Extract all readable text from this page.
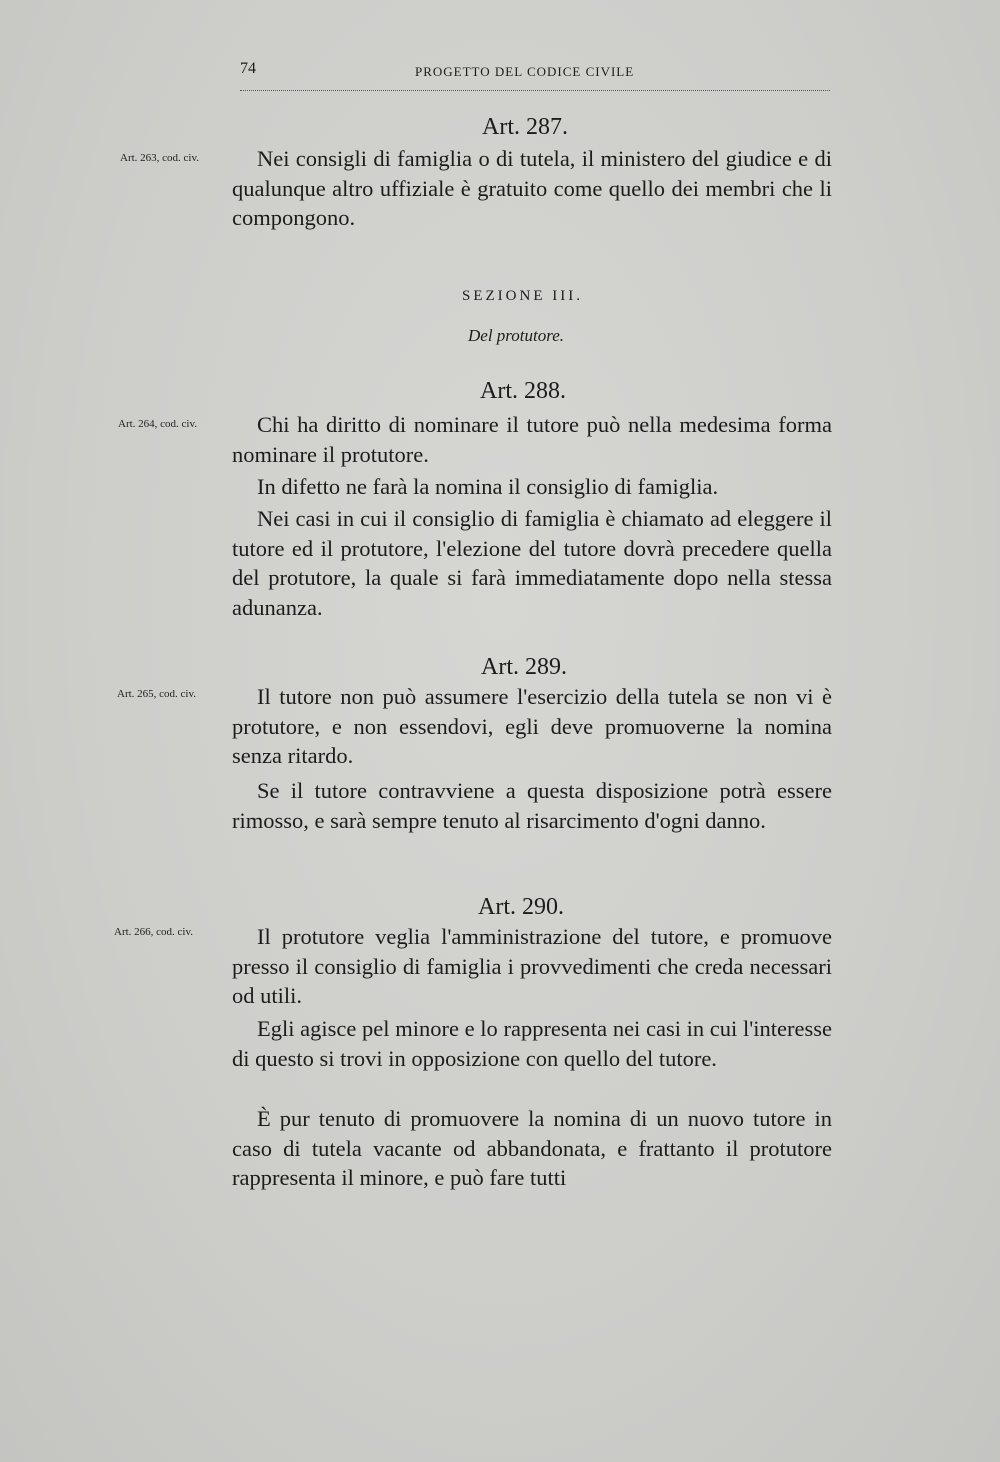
74	PROGETTO DEL CODICE CIVILE
Art. 287.
Art. 263, cod. civ.	Nei consigli di famiglia o di tutela, il ministero del giudice e di qualunque altro uffiziale è gratuito come quello dei membri che li compongono.

SEZIONE III.
Del protutore.
Art. 288.
Art. 264, cod. civ.	Chi ha diritto di nominare il tutore può nella medesima forma nominare il protutore.

In difetto ne farà la nomina il consiglio di famiglia.

Nei casi in cui il consiglio di famiglia è chiamato ad eleggere il tutore ed il protutore, l'elezione del tutore dovrà precedere quella del protutore, la quale si farà immediatamente dopo nella stessa adunanza.

Art. 289.
Art. 265, cod. civ.	Il tutore non può assumere l'esercizio della tutela se non vi è protutore, e non essendovi, egli deve promuoverne la nomina senza ritardo.

Se il tutore contravviene a questa disposizione potrà essere rimosso, e sarà sempre tenuto al risarcimento d'ogni danno.

Art. 290.
Art. 266, cod. civ.	Il protutore veglia l'amministrazione del tutore, e promuove presso il consiglio di famiglia i provvedimenti che creda necessari od utili.

Egli agisce pel minore e lo rappresenta nei casi in cui l'interesse di questo si trovi in opposizione con quello del tutore.

È pur tenuto di promuovere la nomina di un nuovo tutore in caso di tutela vacante od abbandonata, e frattanto il protutore rappresenta il minore, e può fare tutti
